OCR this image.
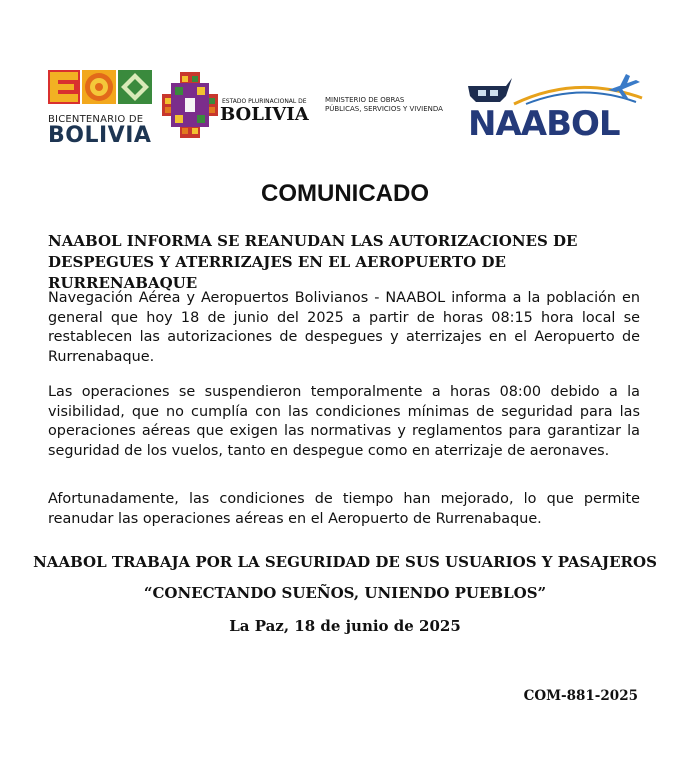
BICENTENARIO DE
BOLIVIA
ESTADO PLURINACIONAL DE
BOLIVIA
MINISTERIO DE OBRAS
PÚBLICAS, SERVICIOS Y VIVIENDA NAABOL
COMUNICADO
NAABOL INFORMA SE REANUDAN LAS AUTORIZACIONES DE DESPEGUES Y ATERRIZAJES EN EL AEROPUERTO DE RURRENABAQUE
Navegación Aérea y Aeropuertos Bolivianos - NAABOL informa a la población en general que hoy 18 de junio del 2025 a partir de horas 08:15 hora local se restablecen las autorizaciones de despegues y aterrizajes en el Aeropuerto de Rurrenabaque.
Las operaciones se suspendieron temporalmente a horas 08:00 debido a la visibilidad, que no cumplía con las condiciones mínimas de seguridad para las operaciones aéreas que exigen las normativas y reglamentos para garantizar la seguridad de los vuelos, tanto en despegue como en aterrizaje de aeronaves.
Afortunadamente, las condiciones de tiempo han mejorado, lo que permite reanudar las operaciones aéreas en el Aeropuerto de Rurrenabaque.
NAABOL TRABAJA POR LA SEGURIDAD DE SUS USUARIOS Y PASAJEROS
“CONECTANDO SUEÑOS, UNIENDO PUEBLOS”
La Paz, 18 de junio de 2025
COM-881-2025
